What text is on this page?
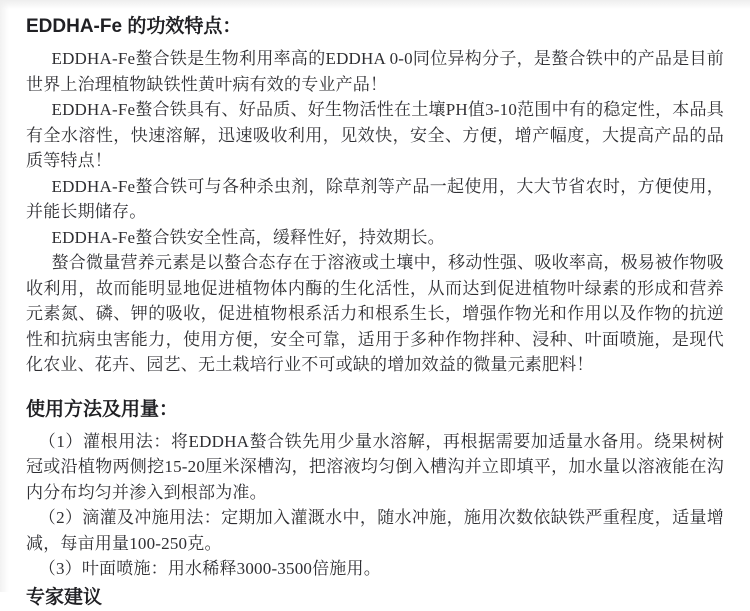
EDDHA-Fe 的功效特点：

EDDHA-Fe螯合铁是生物利用率高的EDDHA 0-0同位异构分子，是螯合铁中的产品是目前世界上治理植物缺铁性黄叶病有效的专业产品！

EDDHA-Fe螯合铁具有、好品质、好生物活性在土壤PH值3-10范围中有的稳定性，本品具有全水溶性，快速溶解，迅速吸收利用，见效快，安全、方便，增产幅度，大提高产品的品质等特点！

EDDHA-Fe螯合铁可与各种杀虫剂，除草剂等产品一起使用，大大节省农时，方便使用，并能长期储存。

EDDHA-Fe螯合铁安全性高，缓释性好，持效期长。

螯合微量营养元素是以螯合态存在于溶液或土壤中，移动性强、吸收率高，极易被作物吸收利用，故而能明显地促进植物体内酶的生化活性，从而达到促进植物叶绿素的形成和营养元素氮、磷、钾的吸收，促进植物根系活力和根系生长，增强作物光和作用以及作物的抗逆性和抗病虫害能力，使用方便，安全可靠，适用于多种作物拌种、浸种、叶面喷施，是现代化农业、花卉、园艺、无土栽培行业不可或缺的增加效益的微量元素肥料！

使用方法及用量：

（1）灌根用法：将EDDHA螯合铁先用少量水溶解，再根据需要加适量水备用。绕果树树冠或沿植物两侧挖15-20厘米深槽沟，把溶液均匀倒入槽沟并立即填平，加水量以溶液能在沟内分布均匀并渗入到根部为准。

（2）滴灌及冲施用法：定期加入灌溉水中，随水冲施，施用次数依缺铁严重程度，适量增减，每亩用量100-250克。

（3）叶面喷施：用水稀释3000-3500倍施用。

专家建议
